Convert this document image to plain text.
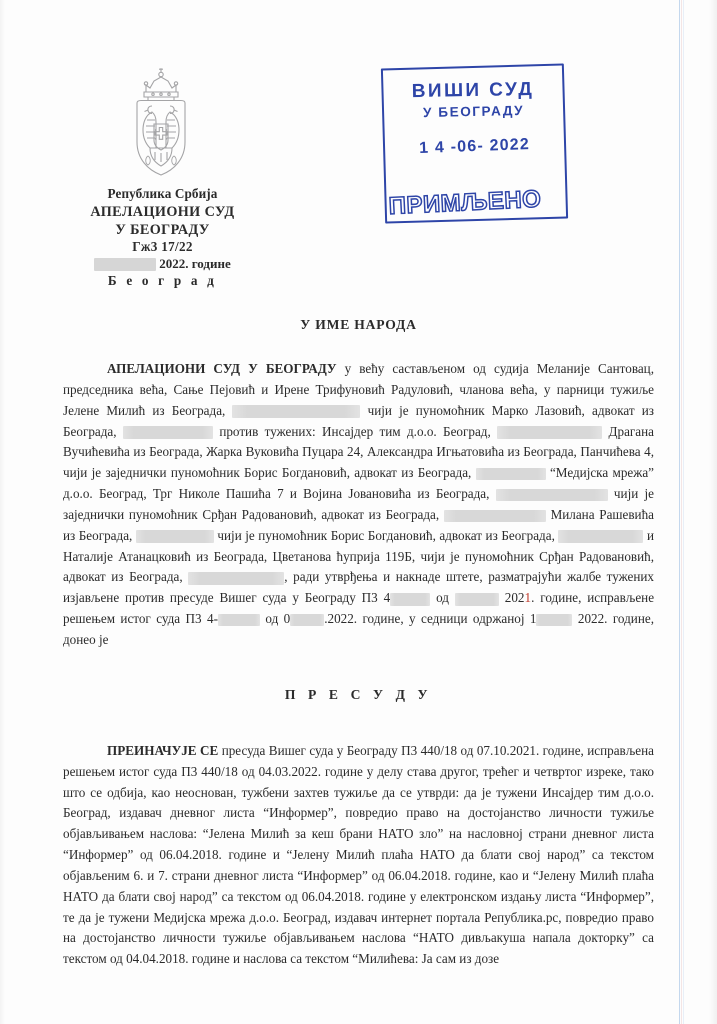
ВИШИ СУД
У БЕОГРАДУ
1 4 -06- 2022
ПРИМЉЕНО
Република Србија
АПЕЛАЦИОНИ СУД
У БЕОГРАДУ
Гж3 17/22
2022. године
Б е о г р а д
У ИМЕ НАРОДА

АПЕЛАЦИОНИ СУД У БЕОГРАДУ у већу састављеном од судија Меланије Сантовац, председника већа, Сање Пејовић и Ирене Трифуновић Радуловић, чланова већа, у парници тужиље Јелене Милић из Београда,	чији је пуномоћник Марко Лазовић, адвокат из Београда,	против тужених: Инсајдер тим д.о.о. Београд,	Драгана Вучићевића из Београда, Жарка Вуковића Пуцара 24, Александра Игњатовића из Београда, Панчићева 4, чији је заједнички пуномоћник Борис Богдановић, адвокат из Београда,	“Медијска мрежа” д.о.о. Београд, Трг Николе Пашића 7 и Војина Јовановића из Београда,	чији је заједнички пуномоћник Срђан Радовановић, адвокат из Београда,	Милана Рашевића из Београда,	чији је пуномоћник Борис Богдановић, адвокат из Београда,	и Наталије Атанацковић из Београда, Цветанова ћуприја 119Б, чији је пуномоћник Срђан Радовановић, адвокат из Београда,	, ради утврђења и накнаде штете, разматрајући жалбе тужених изјављене против пресуде Вишег суда у Београду П3 4	од	2021. године, исправљене решењем истог суда П3 4-	од 0	.2022. године, у седници одржаној 1	2022. године, донео је

П Р Е С У Д У

ПРЕИНАЧУЈЕ СЕ пресуда Вишег суда у Београду П3 440/18 од 07.10.2021. године, исправљена решењем истог суда П3 440/18 од 04.03.2022. године у делу става другог, трећег и четвртог изреке, тако што се одбија, као неоснован, тужбени захтев тужиље да се утврди: да је тужени Инсајдер тим д.о.о. Београд, издавач дневног листа “Информер”, повредио право на достојанство личности тужиље објављивањем наслова: “Јелена Милић за кеш брани НАТО зло” на насловној страни дневног листа “Информер” од 06.04.2018. године и “Јелену Милић плаћа НАТО да блати свој народ” са текстом објављеним 6. и 7. страни дневног листа “Информер” од 06.04.2018. године, као и “Јелену Милић плаћа НАТО да блати свој народ” са текстом од 06.04.2018. године у електронском издању листа “Информер”, те да је тужени Медијска мрежа д.о.о. Београд, издавач интернет портала Република.рс, повредио право на достојанство личности тужиље објављивањем наслова “НАТО дивљакуша напала докторку” са текстом од 04.04.2018. године и наслова са текстом “Милићева: Ја сам из дозе
